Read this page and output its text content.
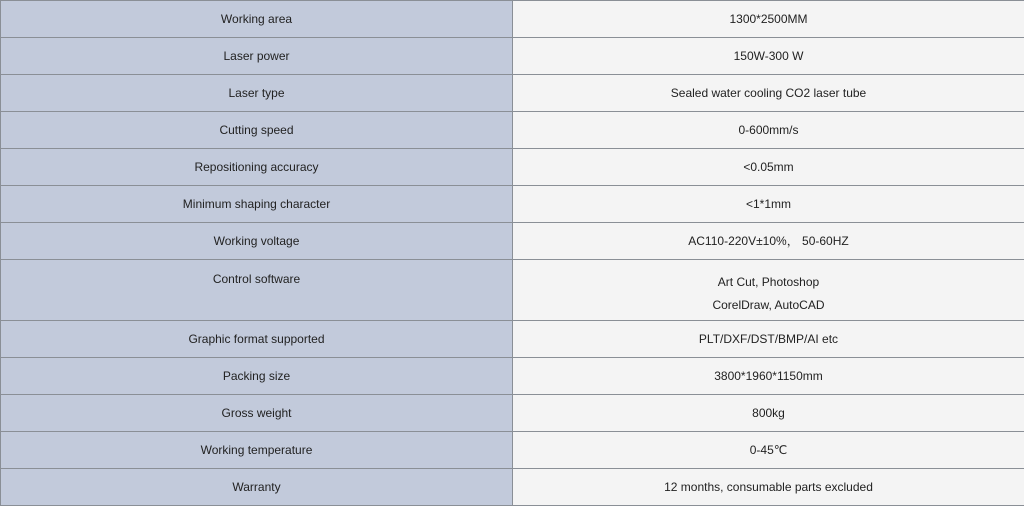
Working area	1300*2500MM
Laser power	150W-300 W
Laser type	Sealed water cooling CO2 laser tube
Cutting speed	0-600mm/s
Repositioning accuracy	<0.05mm
Minimum shaping character	<1*1mm
Working voltage	AC110-220V±10%， 50-60HZ
Control software	Art Cut, Photoshop
CorelDraw, AutoCAD

Graphic format supported	PLT/DXF/DST/BMP/AI etc
Packing size	3800*1960*1150mm
Gross weight	800kg
Working temperature	0-45℃
Warranty	12 months, consumable parts excluded
